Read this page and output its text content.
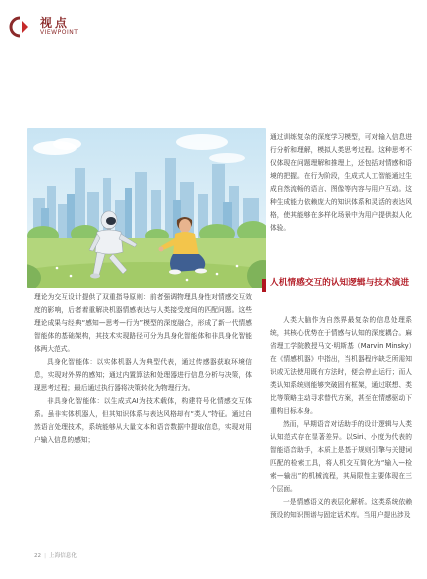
视点
VIEWPOINT

理论为交互设计提供了双重指导原则：前者强调物理具身性对情感交互效度的影响，后者着重解决机器情感表达与人类接受度间的匹配问题。这些理论成果与经典“感知—思考—行为”模型的深度融合，形成了新一代情感智能体的基础架构，其技术实现路径可分为具身化智能体和非具身化智能体两大范式。

具身化智能体：以实体机器人为典型代表，通过传感器获取环境信息，实现对外界的感知；通过内置算法和处理器进行信息分析与决策，体现思考过程；最后通过执行器将决策转化为物理行为。

非具身化智能体：以生成式AI为技术载体，构建符号化情感交互体系。虽非实体机器人，但其知识体系与表达风格却有“类人”特征。通过自然语言处理技术，系统能够从大量文本和语音数据中提取信息，实现对用户输入信息的感知；

通过训练复杂的深度学习模型，可对输入信息进行分析和理解，模拟人类思考过程。这种思考不仅体现在问题理解和推理上，还包括对情感和语境的把握。在行为阶段，生成式人工智能通过生成自然流畅的语言、图像等内容与用户互动。这种生成能力依赖庞大的知识体系和灵活的表达风格，使其能够在多样化场景中为用户提供拟人化体验。

人机情感交互的认知逻辑与技术演进

人类大脑作为自然界最复杂的信息处理系统，其核心优势在于情感与认知的深度耦合。麻省理工学院教授马文·明斯基（Marvin Minsky）在《情感机器》中指出，当机器程序缺乏所需知识或无法使用既有方法时，便会停止运行；而人类认知系统则能够突破固有框架，通过联想、类比等策略主动寻求替代方案，甚至在情感驱动下重构目标本身。

然而，早期语音对话助手的设计逻辑与人类认知范式存在显著差异。以Siri、小度为代表的智能语音助手，本质上是基于规则引擎与关键词匹配的检索工具，将人机交互简化为“输入—检索—输出”的机械流程，其局限性主要体现在三个层面。

一是情感语义的表层化解析。这类系统依赖预设的知识图谱与固定话术库。当用户提出涉及

22 | 上海信息化
